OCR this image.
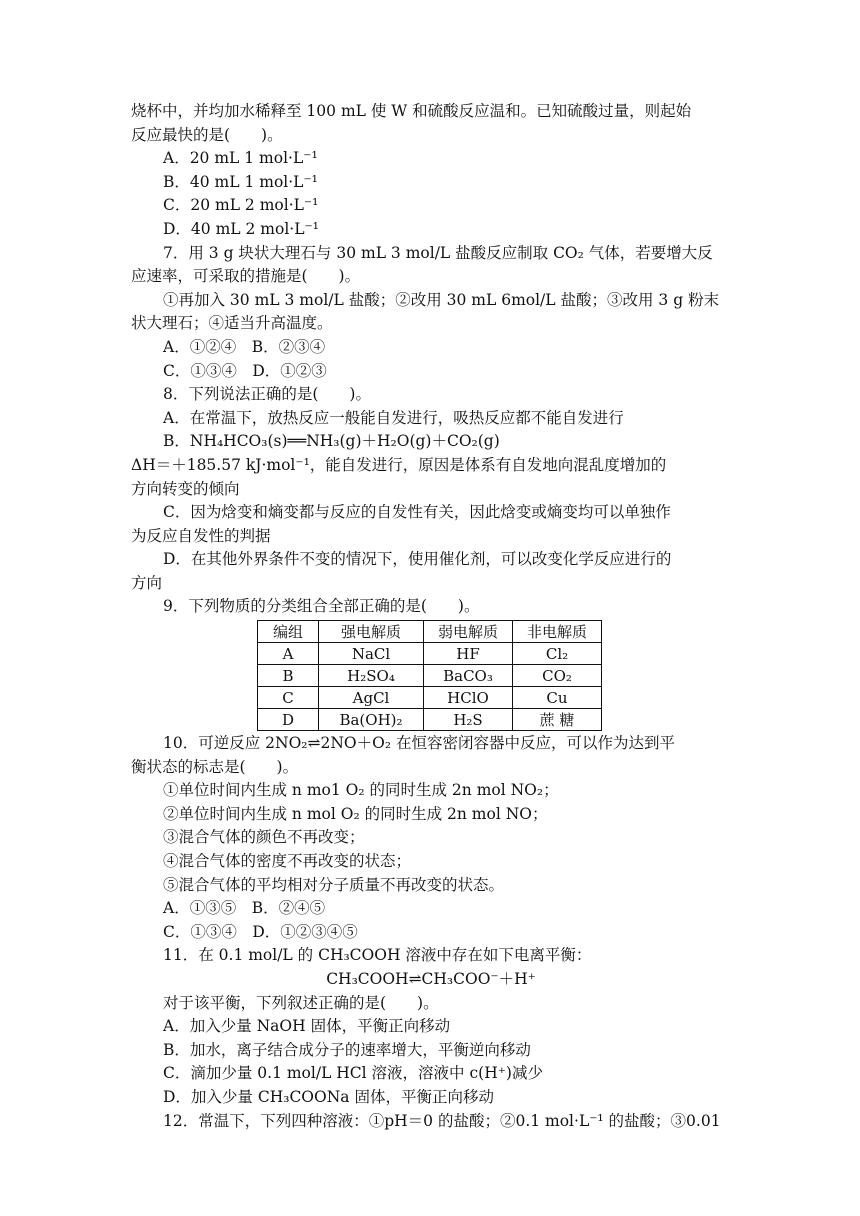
烧杯中，并均加水稀释至 100 mL 使 W 和硫酸反应温和。已知硫酸过量，则起始
反应最快的是(　　)。
A．20 mL 1 mol·L⁻¹
B．40 mL 1 mol·L⁻¹
C．20 mL 2 mol·L⁻¹
D．40 mL 2 mol·L⁻¹
7．用 3 g 块状大理石与 30 mL 3 mol/L 盐酸反应制取 CO₂ 气体，若要增大反
应速率，可采取的措施是(　　)。
①再加入 30 mL 3 mol/L 盐酸；②改用 30 mL 6mol/L 盐酸；③改用 3 g 粉末
状大理石；④适当升高温度。
A．①②④　B．②③④
C．①③④　D．①②③
8．下列说法正确的是(　　)。
A．在常温下，放热反应一般能自发进行，吸热反应都不能自发进行
B．NH₄HCO₃(s)══NH₃(g)＋H₂O(g)＋CO₂(g)
ΔH＝＋185.57 kJ·mol⁻¹，能自发进行，原因是体系有自发地向混乱度增加的
方向转变的倾向
C．因为焓变和熵变都与反应的自发性有关，因此焓变或熵变均可以单独作
为反应自发性的判据
D．在其他外界条件不变的情况下，使用催化剂，可以改变化学反应进行的
方向
9．下列物质的分类组合全部正确的是(　　)。
编组	强电解质	弱电解质	非电解质
A	NaCl	HF	Cl₂
B	H₂SO₄	BaCO₃	CO₂
C	AgCl	HClO	Cu
D	Ba(OH)₂	H₂S	蔗 糖
10．可逆反应 2NO₂⇌2NO＋O₂ 在恒容密闭容器中反应，可以作为达到平
衡状态的标志是(　　)。
①单位时间内生成 n mo1 O₂ 的同时生成 2n mol NO₂；
②单位时间内生成 n mol O₂ 的同时生成 2n mol NO；
③混合气体的颜色不再改变；
④混合气体的密度不再改变的状态；
⑤混合气体的平均相对分子质量不再改变的状态。
A．①③⑤　B．②④⑤
C．①③④　D．①②③④⑤
11．在 0.1 mol/L 的 CH₃COOH 溶液中存在如下电离平衡：
CH₃COOH⇌CH₃COO⁻＋H⁺
对于该平衡，下列叙述正确的是(　　)。
A．加入少量 NaOH 固体，平衡正向移动
B．加水，离子结合成分子的速率增大，平衡逆向移动
C．滴加少量 0.1 mol/L HCl 溶液，溶液中 c(H⁺)减少
D．加入少量 CH₃COONa 固体，平衡正向移动
12．常温下，下列四种溶液：①pH＝0 的盐酸；②0.1 mol·L⁻¹ 的盐酸；③0.01
